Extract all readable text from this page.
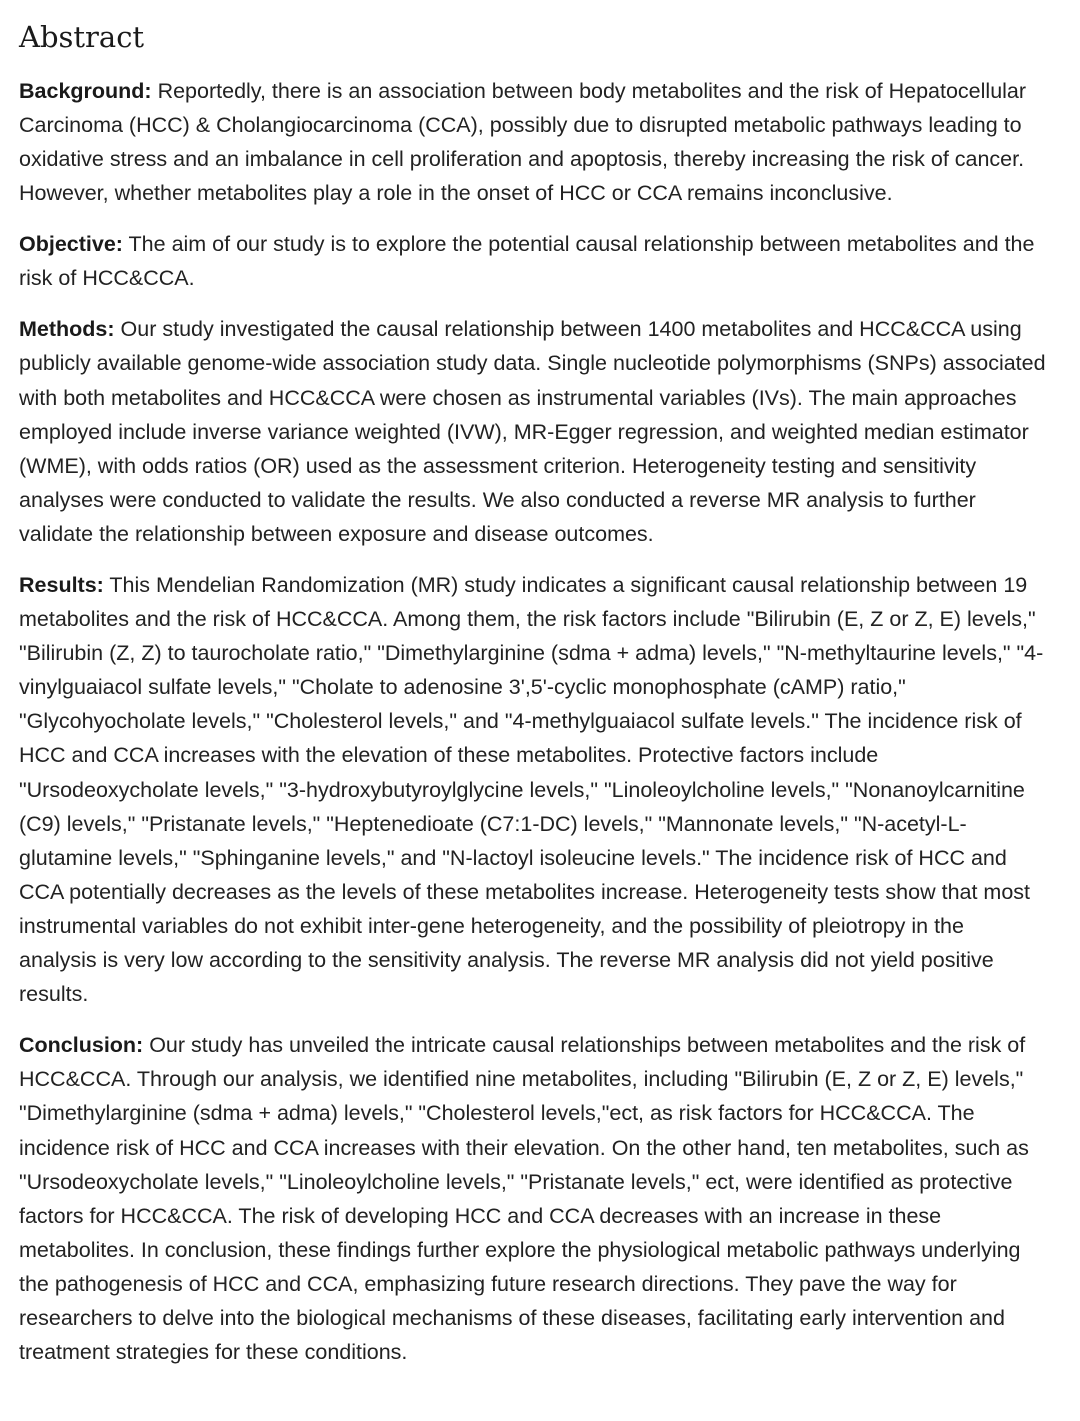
Abstract

Background: Reportedly, there is an association between body metabolites and the risk of Hepatocellular Carcinoma (HCC) & Cholangiocarcinoma (CCA), possibly due to disrupted metabolic pathways leading to oxidative stress and an imbalance in cell proliferation and apoptosis, thereby increasing the risk of cancer. However, whether metabolites play a role in the onset of HCC or CCA remains inconclusive.

Objective: The aim of our study is to explore the potential causal relationship between metabolites and the risk of HCC&CCA.

Methods: Our study investigated the causal relationship between 1400 metabolites and HCC&CCA using publicly available genome-wide association study data. Single nucleotide polymorphisms (SNPs) associated with both metabolites and HCC&CCA were chosen as instrumental variables (IVs). The main approaches employed include inverse variance weighted (IVW), MR-Egger regression, and weighted median estimator (WME), with odds ratios (OR) used as the assessment criterion. Heterogeneity testing and sensitivity analyses were conducted to validate the results. We also conducted a reverse MR analysis to further validate the relationship between exposure and disease outcomes.

Results: This Mendelian Randomization (MR) study indicates a significant causal relationship between 19 metabolites and the risk of HCC&CCA. Among them, the risk factors include "Bilirubin (E, Z or Z, E) levels," "Bilirubin (Z, Z) to taurocholate ratio," "Dimethylarginine (sdma + adma) levels," "N-methyltaurine levels," "4-vinylguaiacol sulfate levels," "Cholate to adenosine 3',5'-cyclic monophosphate (cAMP) ratio," "Glycohyocholate levels," "Cholesterol levels," and "4-methylguaiacol sulfate levels." The incidence risk of HCC and CCA increases with the elevation of these metabolites. Protective factors include "Ursodeoxycholate levels," "3-hydroxybutyroylglycine levels," "Linoleoylcholine levels," "Nonanoylcarnitine (C9) levels," "Pristanate levels," "Heptenedioate (C7:1-DC) levels," "Mannonate levels," "N-acetyl-L-glutamine levels," "Sphinganine levels," and "N-lactoyl isoleucine levels." The incidence risk of HCC and CCA potentially decreases as the levels of these metabolites increase. Heterogeneity tests show that most instrumental variables do not exhibit inter-gene heterogeneity, and the possibility of pleiotropy in the analysis is very low according to the sensitivity analysis. The reverse MR analysis did not yield positive results.

Conclusion: Our study has unveiled the intricate causal relationships between metabolites and the risk of HCC&CCA. Through our analysis, we identified nine metabolites, including "Bilirubin (E, Z or Z, E) levels," "Dimethylarginine (sdma + adma) levels," "Cholesterol levels,"ect, as risk factors for HCC&CCA. The incidence risk of HCC and CCA increases with their elevation. On the other hand, ten metabolites, such as "Ursodeoxycholate levels," "Linoleoylcholine levels," "Pristanate levels," ect, were identified as protective factors for HCC&CCA. The risk of developing HCC and CCA decreases with an increase in these metabolites. In conclusion, these findings further explore the physiological metabolic pathways underlying the pathogenesis of HCC and CCA, emphasizing future research directions. They pave the way for researchers to delve into the biological mechanisms of these diseases, facilitating early intervention and treatment strategies for these conditions.
